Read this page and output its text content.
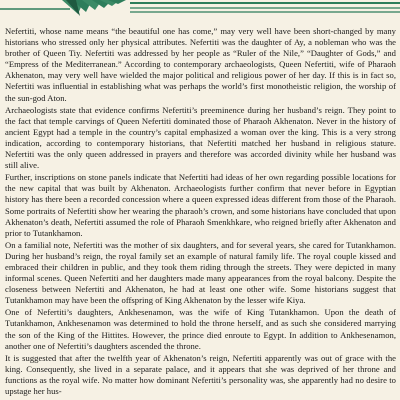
Nefertiti, whose name means “the beautiful one has come,” may very well have been short-changed by many historians who stressed only her physical attributes. Nefertiti was the daughter of Ay, a nobleman who was the brother of Queen Tiy. Nefertiti was addressed by her people as “Ruler of the Nile,” “Daughter of Gods,” and “Empress of the Mediterranean.” According to contemporary archaeologists, Queen Nefertiti, wife of Pharaoh Akhenaton, may very well have wielded the major political and religious power of her day. If this is in fact so, Nefertiti was influential in establishing what was perhaps the world’s first monotheistic religion, the worship of the sun-god Aton.

Archaeologists state that evidence confirms Nefertiti’s preeminence during her husband’s reign. They point to the fact that temple carvings of Queen Nefertiti dominated those of Pharaoh Akhenaton. Never in the history of ancient Egypt had a temple in the country’s capital emphasized a woman over the king. This is a very strong indication, according to contemporary historians, that Nefertiti matched her husband in religious stature. Nefertiti was the only queen addressed in prayers and therefore was accorded divinity while her husband was still alive.

Further, inscriptions on stone panels indicate that Nefertiti had ideas of her own regarding possible locations for the new capital that was built by Akhenaton. Archaeologists further confirm that never before in Egyptian history has there been a recorded concession where a queen expressed ideas different from those of the Pharaoh. Some portraits of Nefertiti show her wearing the pharaoh’s crown, and some historians have concluded that upon Akhenaton’s death, Nefertiti assumed the role of Pharaoh Smenkhkare, who reigned briefly after Akhenaton and prior to Tutankhamon.

On a familial note, Nefertiti was the mother of six daughters, and for several years, she cared for Tutankhamon. During her husband’s reign, the royal family set an example of natural family life. The royal couple kissed and embraced their children in public, and they took them riding through the streets. They were depicted in many informal scenes. Queen Nefertiti and her daughters made many appearances from the royal balcony. Despite the closeness between Nefertiti and Akhenaton, he had at least one other wife. Some historians suggest that Tutankhamon may have been the offspring of King Akhenaton by the lesser wife Kiya.

One of Nefertiti’s daughters, Ankhesenamon, was the wife of King Tutankhamon. Upon the death of Tutankhamon, Ankhesenamon was determined to hold the throne herself, and as such she considered marrying the son of the King of the Hittites. However, the prince died enroute to Egypt. In addition to Ankhesenamon, another one of Nefertiti’s daughters ascended the throne.

It is suggested that after the twelfth year of Akhenaton’s reign, Nefertiti apparently was out of grace with the king. Consequently, she lived in a separate palace, and it appears that she was deprived of her throne and functions as the royal wife. No matter how dominant Nefertiti’s personality was, she apparently had no desire to upstage her hus-
